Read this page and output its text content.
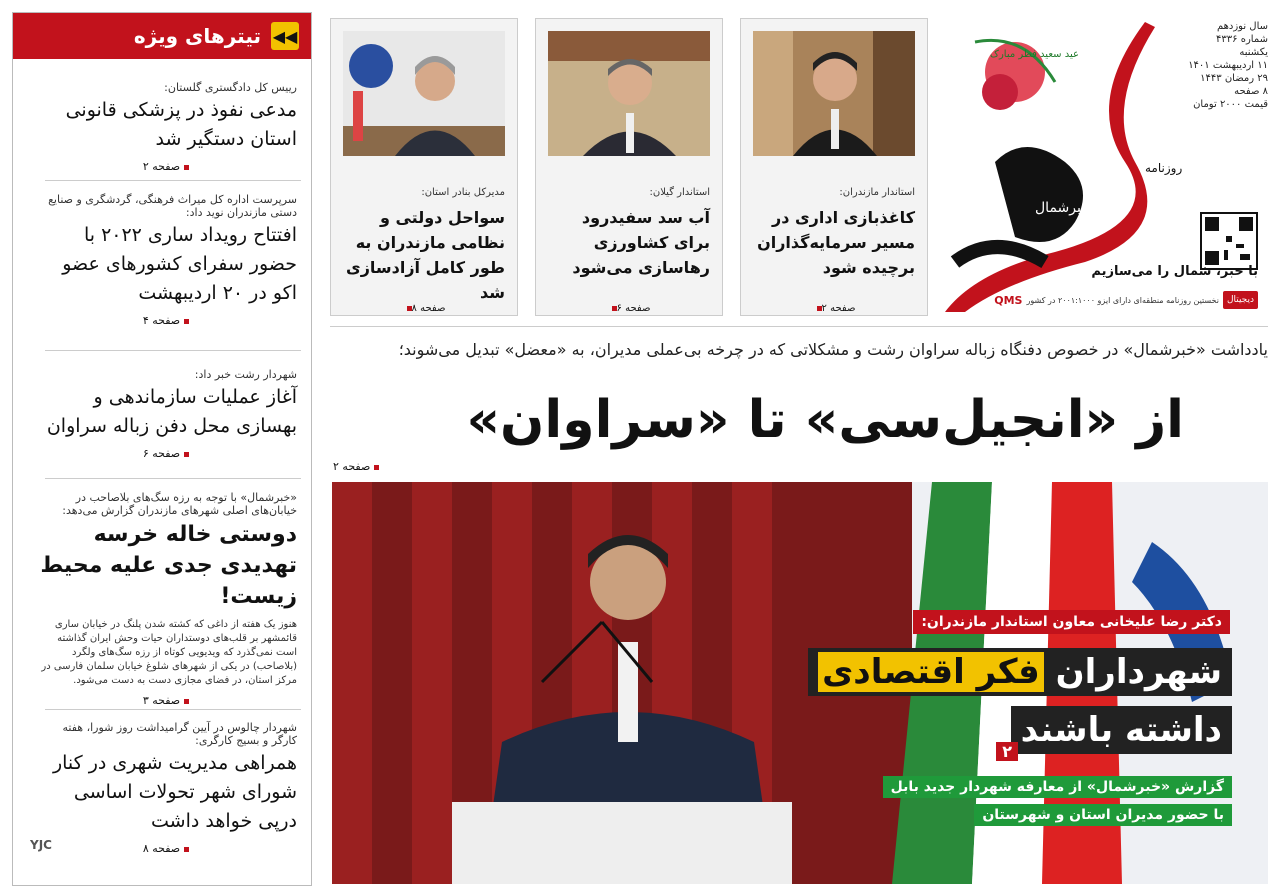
تیترهای ویژه ◀◀
رییس کل دادگستری گلستان:
مدعی نفوذ در پزشکی قانونی استان دستگیر شد
صفحه ۲
سرپرست اداره کل میراث فرهنگی، گردشگری و صنایع دستی مازندران نوید داد:
افتتاح رویداد ساری ۲۰۲۲ با حضور سفرای کشورهای عضو اکو در ۲۰ اردیبهشت
صفحه ۴
شهردار رشت خبر داد:
آغاز عملیات سازماندهی و بهسازی محل دفن زباله سراوان
صفحه ۶
«خبرشمال» با توجه به رزه سگ‌های بلاصاحب در خیابان‌های اصلی شهرهای مازندران گزارش می‌دهد:
دوستی خاله خرسه تهدیدی جدی علیه محیط زیست!
هنوز یک هفته از داغی که کشته شدن پلنگ در خیابان ساری قائمشهر بر قلب‌های دوستداران حیات وحش ایران گذاشته است نمی‌گذرد که ویدیویی کوتاه از رزه سگ‌های ولگرد (بلاصاحب) در یکی از شهرهای شلوغ خیابان سلمان فارسی در مرکز استان، در فضای مجازی دست به دست می‌شود.
صفحه ۳
شهردار چالوس در آیین گرامیداشت روز شورا، هفته کارگر و بسیج کارگری:
همراهی مدیریت شهری در کنار شورای شهر تحولات اساسی درپی خواهد داشت
صفحه ۸
استاندار مازندران:
کاغذبازی اداری در مسیر سرمایه‌گذاران برچیده شود
صفحه ۲
استاندار گیلان:
آب سد سفیدرود برای کشاورزی رهاسازی می‌شود
صفحه ۶
مدیرکل بنادر استان:
سواحل دولتی و نظامی مازندران به طور کامل آزادسازی شد
صفحه ۸
روزنامه
عید سعید فطر مبارک
خبرشمال
سال نوزدهم
شماره ۴۳۳۶
یکشنبه
۱۱ اردیبهشت ۱۴۰۱
۲۹ رمضان ۱۴۴۳
۸ صفحه
قیمت ۲۰۰۰ تومان
با خبر، شمال را می‌سازیم
QMS نخستین روزنامه منطقه‌ای دارای ایزو ۲۰۰۱:۱۰۰۰ در کشور دیجیتال
یادداشت «خبرشمال» در خصوص دفنگاه زباله سراوان رشت و مشکلاتی که در چرخه بی‌عملی مدیران، به «معضل» تبدیل می‌شوند؛
از «انجیل‌سی» تا «سراوان»
صفحه ۲
دکتر رضا علیخانی معاون استاندار مازندران:
شهرداران فکر اقتصادی
داشته باشند
۲
گزارش «خبرشمال» از معارفه شهردار جدید بابل
با حضور مدیران استان و شهرستان
YJC
